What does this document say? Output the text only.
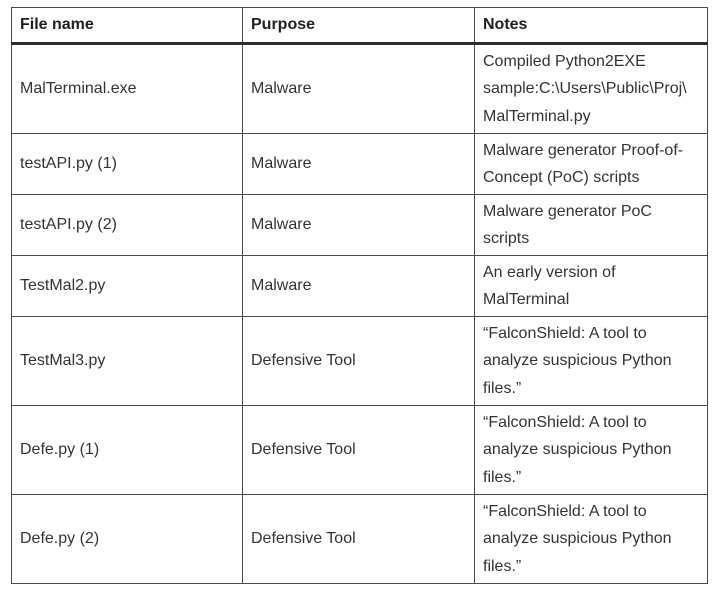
File name	Purpose	Notes
MalTerminal.exe	Malware	Compiled Python2EXE sample:C:\Users\Public\Proj\MalTerminal.py
testAPI.py (1)	Malware	Malware generator Proof-of-Concept (PoC) scripts
testAPI.py (2)	Malware	Malware generator PoC scripts
TestMal2.py	Malware	An early version of MalTerminal
TestMal3.py	Defensive Tool	“FalconShield: A tool to analyze suspicious Python files.”
Defe.py (1)	Defensive Tool	“FalconShield: A tool to analyze suspicious Python files.”
Defe.py (2)	Defensive Tool	“FalconShield: A tool to analyze suspicious Python files.”
